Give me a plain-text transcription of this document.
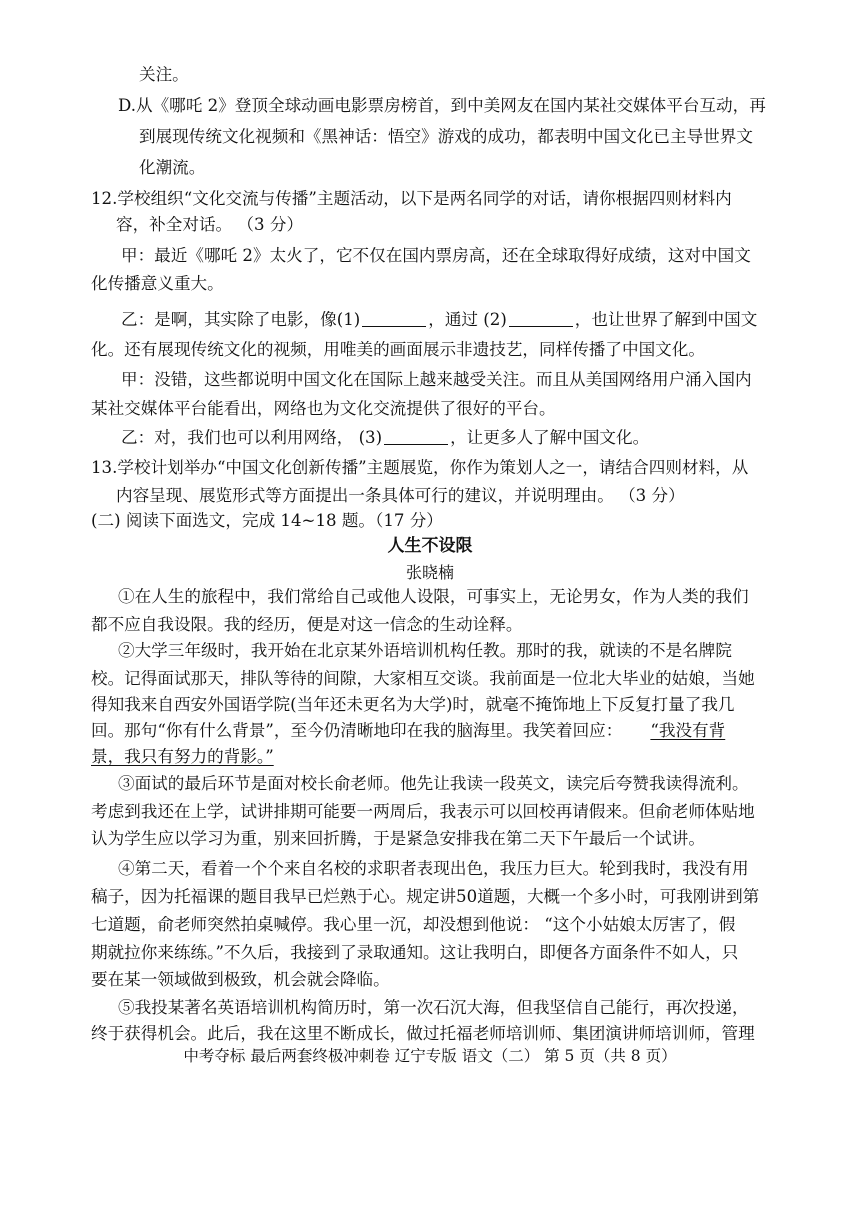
关注。
D.从《哪吒 2》登顶全球动画电影票房榜首，到中美网友在国内某社交媒体平台互动，再
到展现传统文化视频和《黑神话：悟空》游戏的成功，都表明中国文化已主导世界文
化潮流。
12.学校组织“文化交流与传播”主题活动，以下是两名同学的对话，请你根据四则材料内
容，补全对话。 （3 分）
甲：最近《哪吒 2》太火了，它不仅在国内票房高，还在全球取得好成绩，这对中国文
化传播意义重大。
乙：是啊，其实除了电影，像(1)	，通过 (2)	，也让世界了解到中国文
化。还有展现传统文化的视频，用唯美的画面展示非遗技艺，同样传播了中国文化。
甲：没错，这些都说明中国文化在国际上越来越受关注。而且从美国网络用户涌入国内
某社交媒体平台能看出，网络也为文化交流提供了很好的平台。
乙：对，我们也可以利用网络， (3)	，让更多人了解中国文化。
13.学校计划举办“中国文化创新传播”主题展览，你作为策划人之一，请结合四则材料，从
内容呈现、展览形式等方面提出一条具体可行的建议，并说明理由。 （3 分）
(二) 阅读下面选文，完成 14~18 题。（17 分）
人生不设限
张晓楠
①在人生的旅程中，我们常给自己或他人设限，可事实上，无论男女，作为人类的我们
都不应自我设限。我的经历，便是对这一信念的生动诠释。
②大学三年级时，我开始在北京某外语培训机构任教。那时的我，就读的不是名牌院
校。记得面试那天，排队等待的间隙，大家相互交谈。我前面是一位北大毕业的姑娘，当她
得知我来自西安外国语学院(当年还未更名为大学)时，就毫不掩饰地上下反复打量了我几
回。那句“你有什么背景”，至今仍清晰地印在我的脑海里。我笑着回应： “我没有背
景，我只有努力的背影。”
③面试的最后环节是面对校长俞老师。他先让我读一段英文，读完后夸赞我读得流利。
考虑到我还在上学，试讲排期可能要一两周后，我表示可以回校再请假来。但俞老师体贴地
认为学生应以学习为重，别来回折腾，于是紧急安排我在第二天下午最后一个试讲。
④第二天，看着一个个来自名校的求职者表现出色，我压力巨大。轮到我时，我没有用
稿子，因为托福课的题目我早已烂熟于心。规定讲50道题，大概一个多小时，可我刚讲到第
七道题，俞老师突然拍桌喊停。我心里一沉，却没想到他说： “这个小姑娘太厉害了，假
期就拉你来练练。”不久后，我接到了录取通知。这让我明白，即便各方面条件不如人，只
要在某一领域做到极致，机会就会降临。
⑤我投某著名英语培训机构简历时，第一次石沉大海，但我坚信自己能行，再次投递，
终于获得机会。此后，我在这里不断成长，做过托福老师培训师、集团演讲师培训师，管理
中考夺标 最后两套终极冲刺卷 辽宁专版 语文（二） 第 5 页（共 8 页）
